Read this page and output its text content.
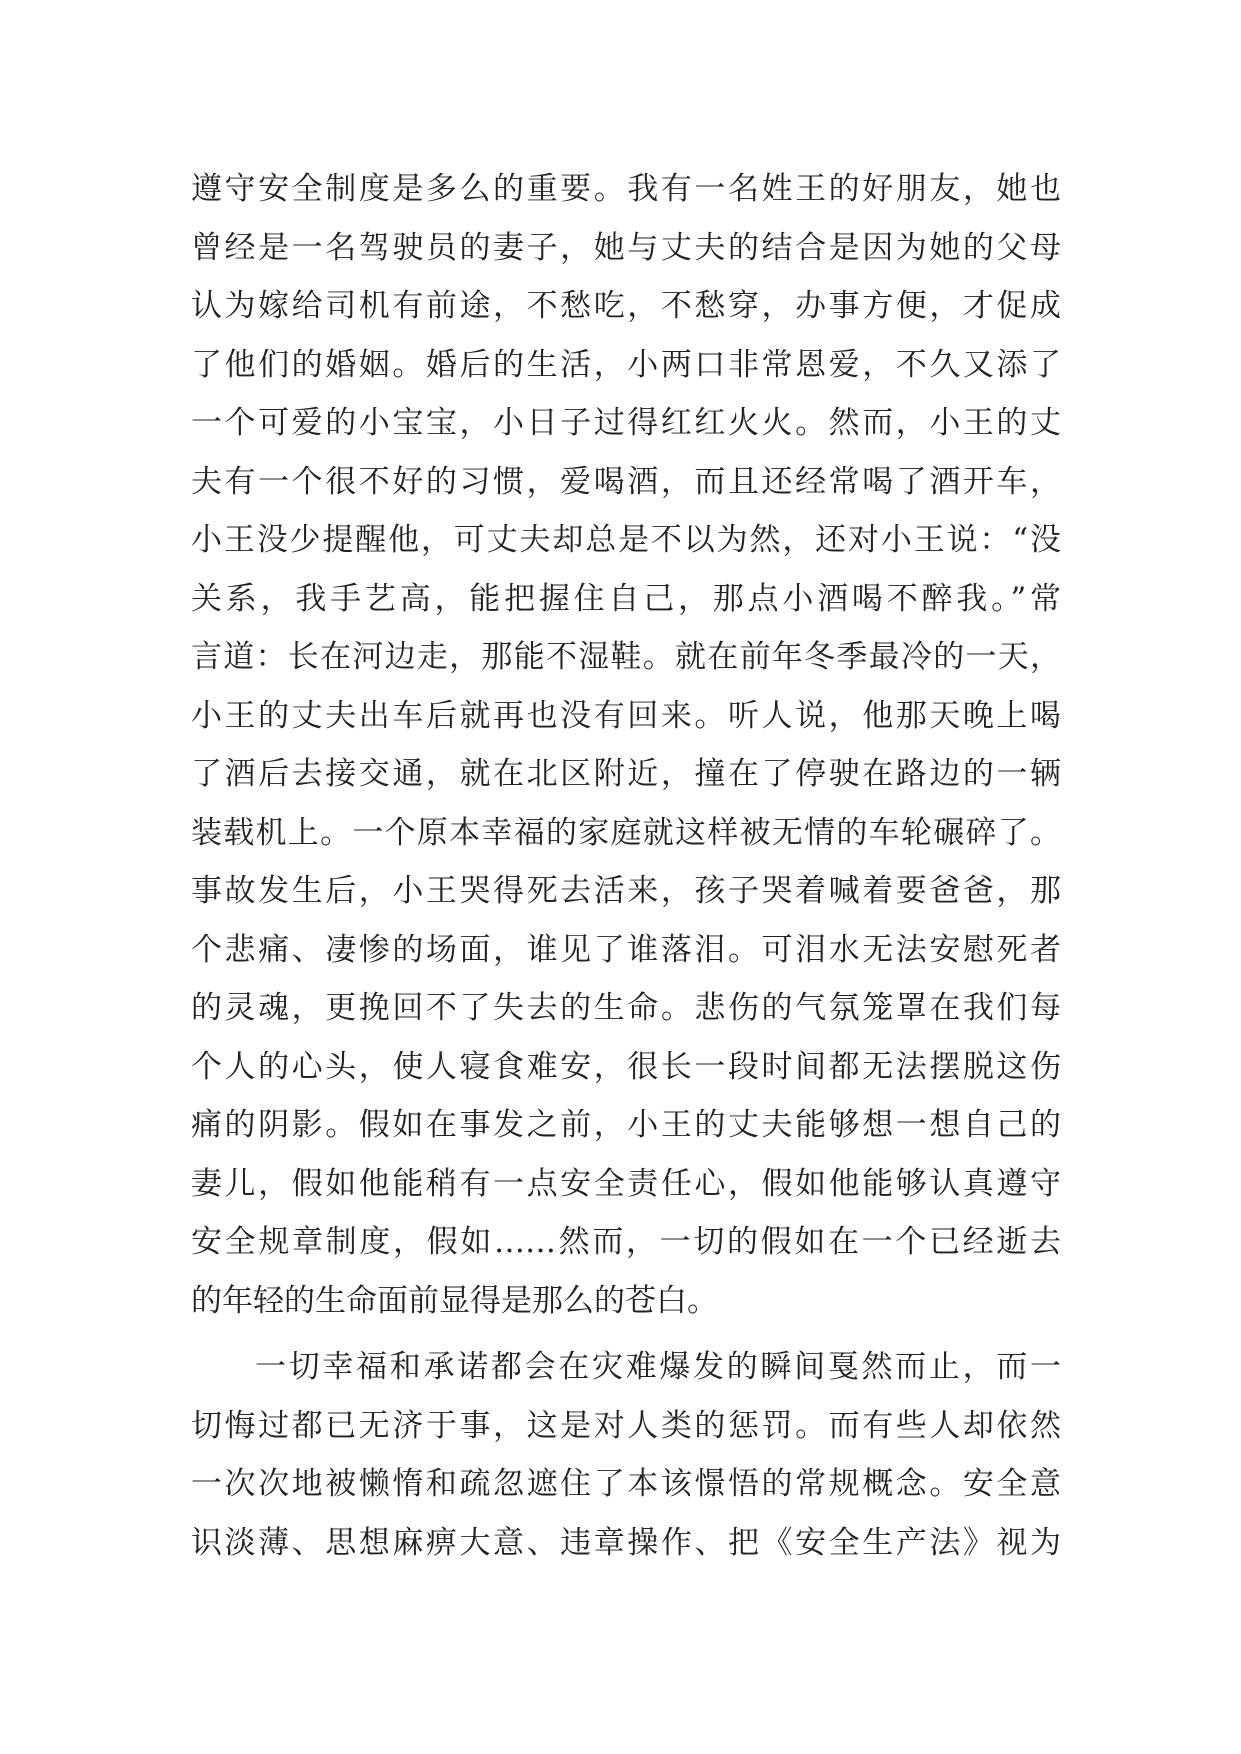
遵守安全制度是多么的重要。我有一名姓王的好朋友，她也
曾经是一名驾驶员的妻子，她与丈夫的结合是因为她的父母
认为嫁给司机有前途，不愁吃，不愁穿，办事方便，才促成
了他们的婚姻。婚后的生活，小两口非常恩爱，不久又添了
一个可爱的小宝宝，小日子过得红红火火。然而，小王的丈
夫有一个很不好的习惯，爱喝酒，而且还经常喝了酒开车，
小王没少提醒他，可丈夫却总是不以为然，还对小王说：“没
关系，我手艺高，能把握住自己，那点小酒喝不醉我。”常
言道：长在河边走，那能不湿鞋。就在前年冬季最冷的一天，
小王的丈夫出车后就再也没有回来。听人说，他那天晚上喝
了酒后去接交通，就在北区附近，撞在了停驶在路边的一辆
装载机上。一个原本幸福的家庭就这样被无情的车轮碾碎了。
事故发生后，小王哭得死去活来，孩子哭着喊着要爸爸，那
个悲痛、凄惨的场面，谁见了谁落泪。可泪水无法安慰死者
的灵魂，更挽回不了失去的生命。悲伤的气氛笼罩在我们每
个人的心头，使人寝食难安，很长一段时间都无法摆脱这伤
痛的阴影。假如在事发之前，小王的丈夫能够想一想自己的
妻儿，假如他能稍有一点安全责任心，假如他能够认真遵守
安全规章制度，假如……然而，一切的假如在一个已经逝去
的年轻的生命面前显得是那么的苍白。
一切幸福和承诺都会在灾难爆发的瞬间戛然而止，而一
切悔过都已无济于事，这是对人类的惩罚。而有些人却依然
一次次地被懒惰和疏忽遮住了本该憬悟的常规概念。安全意
识淡薄、思想麻痹大意、违章操作、把《安全生产法》视为
